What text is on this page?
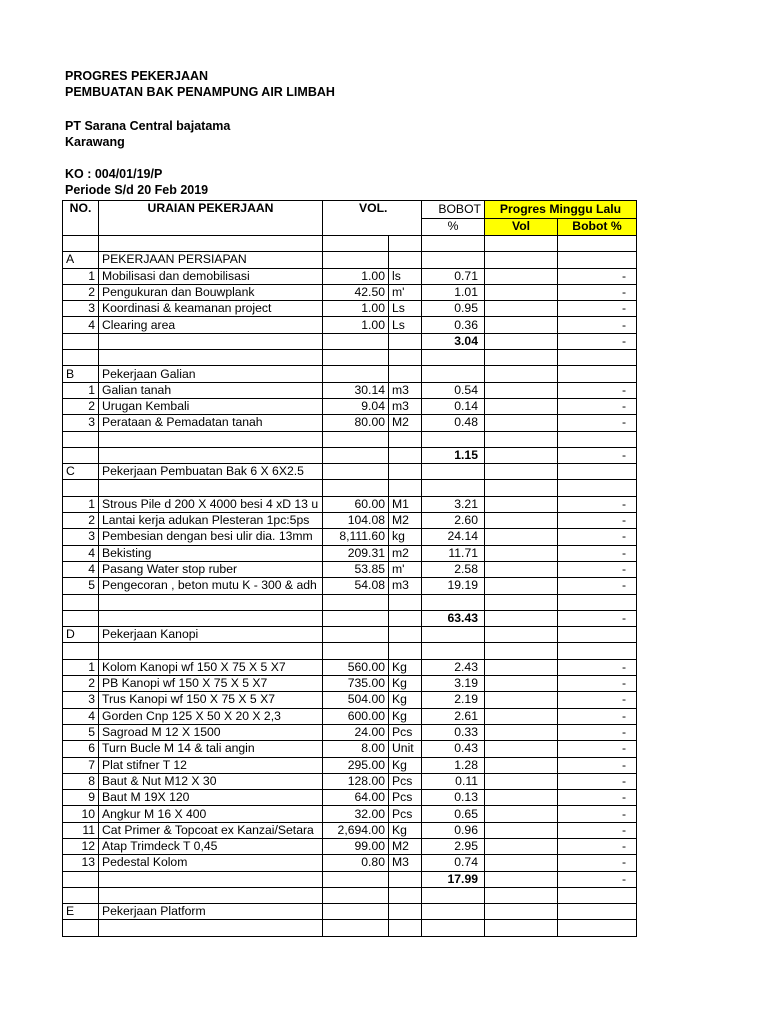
PROGRES PEKERJAAN
PEMBUATAN BAK PENAMPUNG AIR LIMBAH
PT Sarana Central bajatama
Karawang
KO : 004/01/19/P
Periode S/d 20 Feb 2019
NO.	URAIAN PEKERJAAN	VOL.		BOBOT	Progres Minggu Lalu	
				%	Vol	Bobot %

A	PEKERJAAN PERSIAPAN					
1	Mobilisasi dan demobilisasi	1.00	ls	0.71		-
2	Pengukuran dan Bouwplank	42.50	m'	1.01		-
3	Koordinasi & keamanan project	1.00	Ls	0.95		-
4	Clearing area	1.00	Ls	0.36		-
				3.04		-

B	Pekerjaan Galian					
1	Galian tanah	30.14	m3	0.54		-
2	Urugan Kembali	9.04	m3	0.14		-
3	Perataan & Pemadatan tanah	80.00	M2	0.48		-

				1.15		-
C	Pekerjaan Pembuatan Bak 6 X 6X2.5					

1	Strous Pile d 200 X 4000 besi 4 xD 13 u	60.00	M1	3.21		-
2	Lantai kerja adukan Plesteran 1pc:5ps	104.08	M2	2.60		-
3	Pembesian dengan besi ulir dia. 13mm	8,111.60	kg	24.14		-
4	Bekisting	209.31	m2	11.71		-
4	Pasang Water stop ruber	53.85	m'	2.58		-
5	Pengecoran , beton mutu K - 300 & adh	54.08	m3	19.19		-

				63.43		-
D	Pekerjaan Kanopi					

1	Kolom Kanopi wf 150 X 75 X 5 X7	560.00	Kg	2.43		-
2	PB Kanopi wf 150 X 75 X 5 X7	735.00	Kg	3.19		-
3	Trus Kanopi wf 150 X 75 X 5 X7	504.00	Kg	2.19		-
4	Gorden Cnp 125 X 50 X 20 X 2,3	600.00	Kg	2.61		-
5	Sagroad M 12 X 1500	24.00	Pcs	0.33		-
6	Turn Bucle M 14 & tali angin	8.00	Unit	0.43		-
7	Plat stifner T 12	295.00	Kg	1.28		-
8	Baut & Nut M12 X 30	128.00	Pcs	0.11		-
9	Baut M 19X 120	64.00	Pcs	0.13		-
10	Angkur M 16 X 400	32.00	Pcs	0.65		-
11	Cat Primer & Topcoat ex Kanzai/Setara	2,694.00	Kg	0.96		-
12	Atap Trimdeck T 0,45	99.00	M2	2.95		-
13	Pedestal Kolom	0.80	M3	0.74		-
				17.99		-

E	Pekerjaan Platform					
